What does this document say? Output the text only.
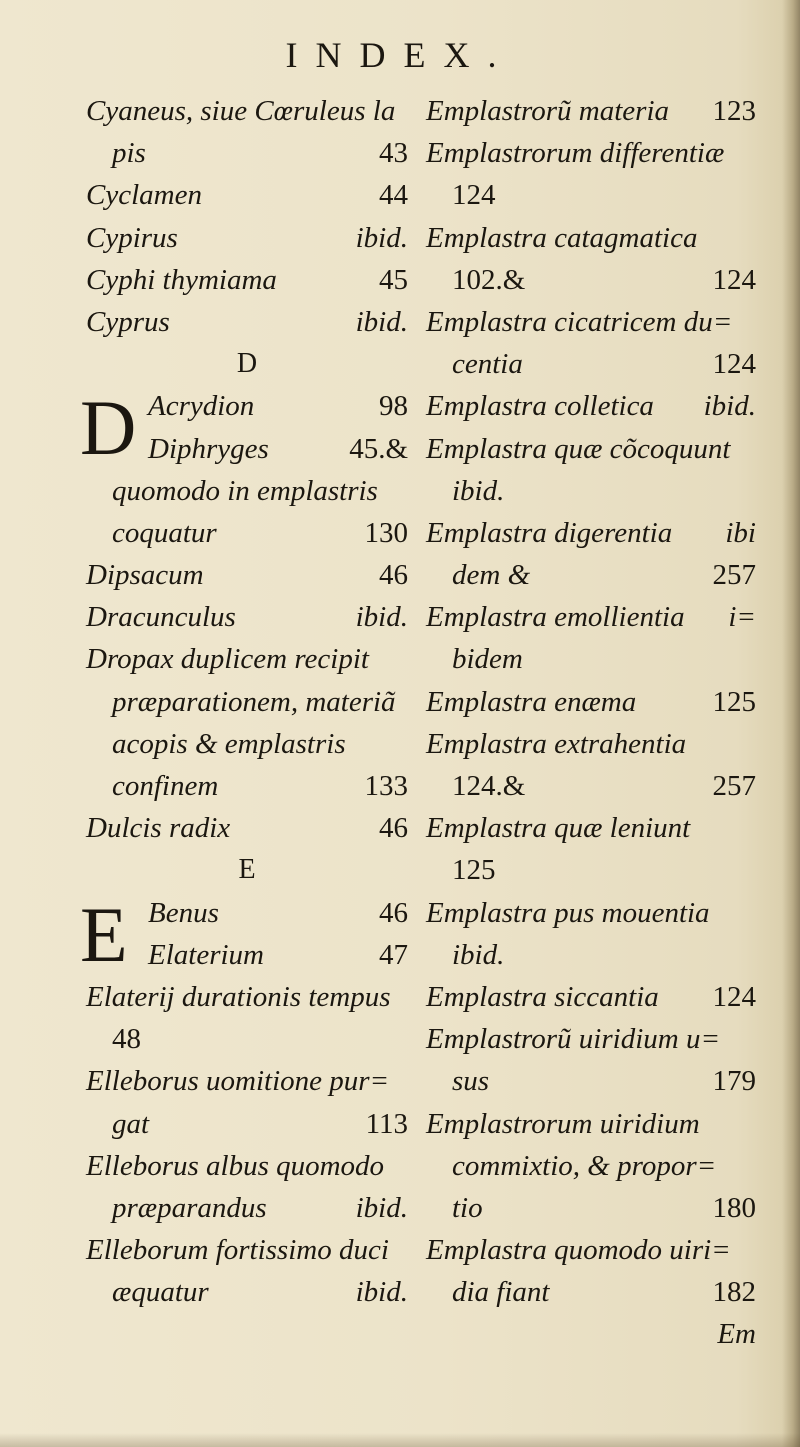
INDEX.
Cyaneus, siue Cœruleus la
pis	43
Cyclamen	44
Cypirus	ibid.
Cyphi thymiama	45
Cyprus	ibid.
D
D Acrydion	98
Diphryges	45.&
quomodo in emplastris
coquatur	130
Dipsacum	46
Dracunculus	ibid.
Dropax duplicem recipit
præparationem, materiã
acopis & emplastris
confinem	133
Dulcis radix	46
E
E Benus	46
Elaterium	47
Elaterij durationis tempus
48
Elleborus uomitione pur=
gat	113
Elleborus albus quomodo
præparandus	ibid.
Elleborum fortissimo duci
æquatur	ibid.
Emplastrorũ materia 123
Emplastrorum differentiæ
124
Emplastra catagmatica
102.&	124
Emplastra cicatricem du=
centia	124
Emplastra colletica ibid.
Emplastra quæ cõcoquunt
ibid.
Emplastra digerentia ibi
dem &	257
Emplastra emollientia i=
bidem
Emplastra enæma	125
Emplastra extrahentia
124.&	257
Emplastra quæ leniunt
125
Emplastra pus mouentia
ibid.
Emplastra siccantia 124
Emplastrorũ uiridium u=
sus	179
Emplastrorum uiridium
commixtio, & propor=
tio	180
Emplastra quomodo uiri=
dia fiant	182
Em
